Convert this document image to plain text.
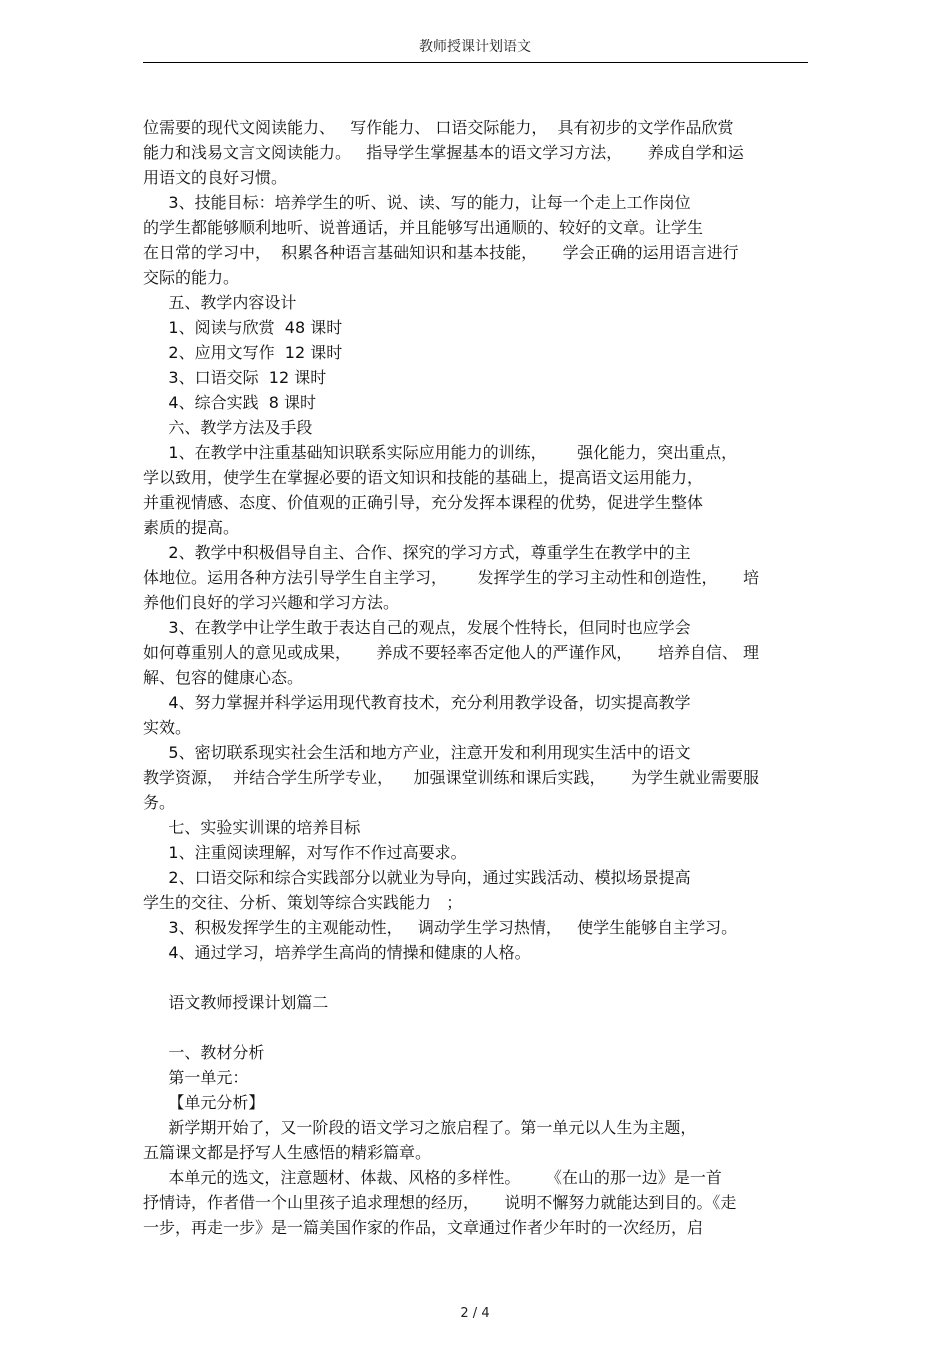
教师授课计划语文
位需要的现代文阅读能力、   写作能力、 口语交际能力，  具有初步的文学作品欣赏
能力和浅易文言文阅读能力。   指导学生掌握基本的语文学习方法，     养成自学和运
用语文的良好习惯。
3、技能目标：培养学生的听、说、读、写的能力，让每一个走上工作岗位
的学生都能够顺利地听、说普通话，并且能够写出通顺的、较好的文章。让学生
在日常的学习中，  积累各种语言基础知识和基本技能，     学会正确的运用语言进行
交际的能力。
五、教学内容设计
1、阅读与欣赏  48 课时
2、应用文写作  12 课时
3、口语交际  12 课时
4、综合实践  8 课时
六、教学方法及手段
1、在教学中注重基础知识联系实际应用能力的训练，      强化能力，突出重点，
学以致用，使学生在掌握必要的语文知识和技能的基础上，提高语文运用能力，
并重视情感、态度、价值观的正确引导，充分发挥本课程的优势，促进学生整体
素质的提高。
2、教学中积极倡导自主、合作、探究的学习方式，尊重学生在教学中的主
体地位。运用各种方法引导学生自主学习，      发挥学生的学习主动性和创造性，     培
养他们良好的学习兴趣和学习方法。
3、在教学中让学生敢于表达自己的观点，发展个性特长，但同时也应学会
如何尊重别人的意见或成果，     养成不要轻率否定他人的严谨作风，     培养自信、 理
解、包容的健康心态。
4、努力掌握并科学运用现代教育技术，充分利用教学设备，切实提高教学
实效。
5、密切联系现实社会生活和地方产业，注意开发和利用现实生活中的语文
教学资源，  并结合学生所学专业，    加强课堂训练和课后实践，     为学生就业需要服
务。
七、实验实训课的培养目标
1、注重阅读理解，对写作不作过高要求。
2、口语交际和综合实践部分以就业为导向，通过实践活动、模拟场景提高
学生的交往、分析、策划等综合实践能力   ；
3、积极发挥学生的主观能动性，   调动学生学习热情，   使学生能够自主学习。
4、通过学习，培养学生高尚的情操和健康的人格。
语文教师授课计划篇二
一、教材分析
第一单元：
【单元分析】
新学期开始了，又一阶段的语文学习之旅启程了。第一单元以人生为主题，
五篇课文都是抒写人生感悟的精彩篇章。
本单元的选文，注意题材、体裁、风格的多样性。     《在山的那一边》是一首
抒情诗，作者借一个山里孩子追求理想的经历，     说明不懈努力就能达到目的。《走
一步，再走一步》是一篇美国作家的作品，文章通过作者少年时的一次经历，启
2 / 4
